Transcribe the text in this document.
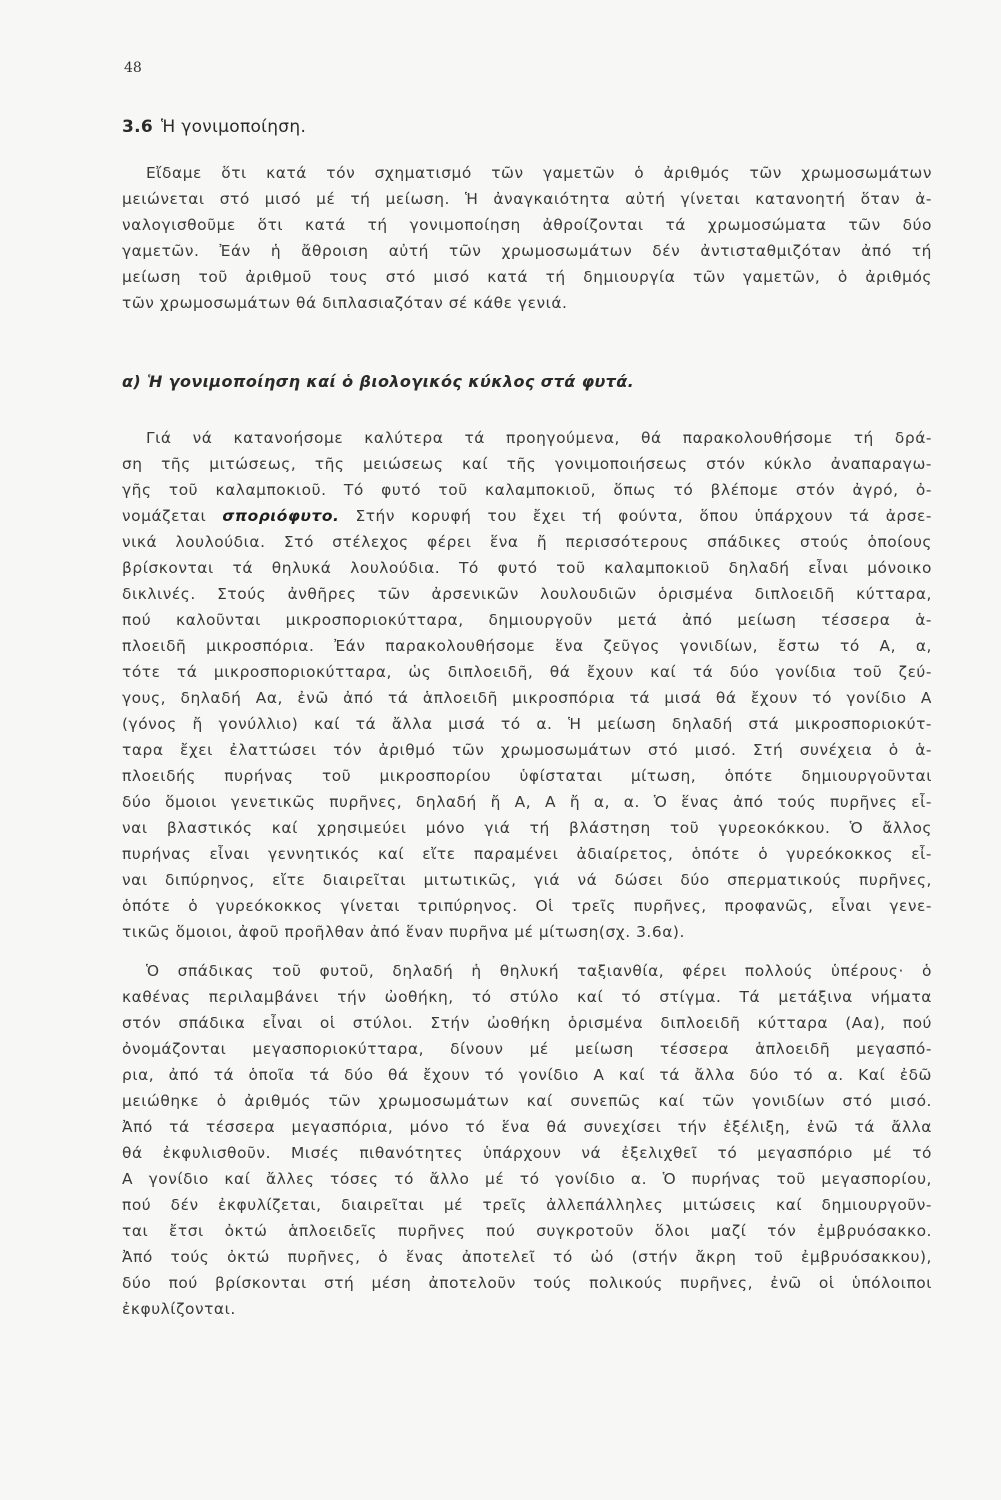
48
3.6 Ἡ γονιμοποίηση.
Εἴδαμε ὅτι κατά τόν σχηματισμό τῶν γαμετῶν ὁ ἀριθμός τῶν χρωμοσωμάτων
μειώνεται στό μισό μέ τή μείωση. Ἡ ἀναγκαιότητα αὐτή γίνεται κατανοητή ὅταν ἀ-
ναλογισθοῦμε ὅτι κατά τή γονιμοποίηση ἀθροίζονται τά χρωμοσώματα τῶν δύο
γαμετῶν. Ἐάν ἡ ἄθροιση αὐτή τῶν χρωμοσωμάτων δέν ἀντισταθμιζόταν ἀπό τή
μείωση τοῦ ἀριθμοῦ τους στό μισό κατά τή δημιουργία τῶν γαμετῶν, ὁ ἀριθμός
τῶν χρωμοσωμάτων θά διπλασιαζόταν σέ κάθε γενιά.
α) Ἡ γονιμοποίηση καί ὁ βιολογικός κύκλος στά φυτά.
Γιά νά κατανοήσομε καλύτερα τά προηγούμενα, θά παρακολουθήσομε τή δρά-
ση τῆς μιτώσεως, τῆς μειώσεως καί τῆς γονιμοποιήσεως στόν κύκλο ἀναπαραγω-
γῆς τοῦ καλαμποκιοῦ. Τό φυτό τοῦ καλαμποκιοῦ, ὅπως τό βλέπομε στόν ἀγρό, ὀ-
νομάζεται σποριόφυτο. Στήν κορυφή του ἔχει τή φούντα, ὅπου ὑπάρχουν τά ἀρσε-
νικά λουλούδια. Στό στέλεχος φέρει ἕνα ἤ περισσότερους σπάδικες στούς ὁποίους
βρίσκονται τά θηλυκά λουλούδια. Τό φυτό τοῦ καλαμποκιοῦ δηλαδή εἶναι μόνοικο
δικλινές. Στούς ἀνθῆρες τῶν ἀρσενικῶν λουλουδιῶν ὁρισμένα διπλοειδῆ κύτταρα,
πού καλοῦνται μικροσποριοκύτταρα, δημιουργοῦν μετά ἀπό μείωση τέσσερα ἁ-
πλοειδῆ μικροσπόρια. Ἐάν παρακολουθήσομε ἕνα ζεῦγος γονιδίων, ἔστω τό Α, α,
τότε τά μικροσποριοκύτταρα, ὡς διπλοειδῆ, θά ἔχουν καί τά δύο γονίδια τοῦ ζεύ-
γους, δηλαδή Αα, ἐνῶ ἀπό τά ἁπλοειδῆ μικροσπόρια τά μισά θά ἔχουν τό γονίδιο Α
(γόνος ἤ γονύλλιο) καί τά ἄλλα μισά τό α. Ἡ μείωση δηλαδή στά μικροσποριοκύτ-
ταρα ἔχει ἐλαττώσει τόν ἀριθμό τῶν χρωμοσωμάτων στό μισό. Στή συνέχεια ὁ ἁ-
πλοειδής πυρήνας τοῦ μικροσπορίου ὑφίσταται μίτωση, ὁπότε δημιουργοῦνται
δύο ὅμοιοι γενετικῶς πυρῆνες, δηλαδή ἤ Α, Α ἤ α, α. Ὁ ἕνας ἀπό τούς πυρῆνες εἶ-
ναι βλαστικός καί χρησιμεύει μόνο γιά τή βλάστηση τοῦ γυρεοκόκκου. Ὁ ἄλλος
πυρήνας εἶναι γεννητικός καί εἴτε παραμένει ἀδιαίρετος, ὁπότε ὁ γυρεόκοκκος εἶ-
ναι διπύρηνος, εἴτε διαιρεῖται μιτωτικῶς, γιά νά δώσει δύο σπερματικούς πυρῆνες,
ὁπότε ὁ γυρεόκοκκος γίνεται τριπύρηνος. Οἱ τρεῖς πυρῆνες, προφανῶς, εἶναι γενε-
τικῶς ὅμοιοι, ἀφοῦ προῆλθαν ἀπό ἕναν πυρῆνα μέ μίτωση(σχ. 3.6α).
Ὁ σπάδικας τοῦ φυτοῦ, δηλαδή ἡ θηλυκή ταξιανθία, φέρει πολλούς ὑπέρους· ὁ
καθένας περιλαμβάνει τήν ὠοθήκη, τό στύλο καί τό στίγμα. Τά μετάξινα νήματα
στόν σπάδικα εἶναι οἱ στύλοι. Στήν ὠοθήκη ὁρισμένα διπλοειδῆ κύτταρα (Αα), πού
ὀνομάζονται μεγασποριοκύτταρα, δίνουν μέ μείωση τέσσερα ἁπλοειδῆ μεγασπό-
ρια, ἀπό τά ὁποῖα τά δύο θά ἔχουν τό γονίδιο Α καί τά ἄλλα δύο τό α. Καί ἐδῶ
μειώθηκε ὁ ἀριθμός τῶν χρωμοσωμάτων καί συνεπῶς καί τῶν γονιδίων στό μισό.
Ἀπό τά τέσσερα μεγασπόρια, μόνο τό ἕνα θά συνεχίσει τήν ἐξέλιξη, ἐνῶ τά ἄλλα
θά ἐκφυλισθοῦν. Μισές πιθανότητες ὑπάρχουν νά ἐξελιχθεῖ τό μεγασπόριο μέ τό
Α γονίδιο καί ἄλλες τόσες τό ἄλλο μέ τό γονίδιο α. Ὁ πυρήνας τοῦ μεγασπορίου,
πού δέν ἐκφυλίζεται, διαιρεῖται μέ τρεῖς ἀλλεπάλληλες μιτώσεις καί δημιουργοῦν-
ται ἔτσι ὀκτώ ἁπλοειδεῖς πυρῆνες πού συγκροτοῦν ὅλοι μαζί τόν ἐμβρυόσακκο.
Ἀπό τούς ὀκτώ πυρῆνες, ὁ ἕνας ἀποτελεῖ τό ὠό (στήν ἄκρη τοῦ ἐμβρυόσακκου),
δύο πού βρίσκονται στή μέση ἀποτελοῦν τούς πολικούς πυρῆνες, ἐνῶ οἱ ὑπόλοιποι
ἐκφυλίζονται.
